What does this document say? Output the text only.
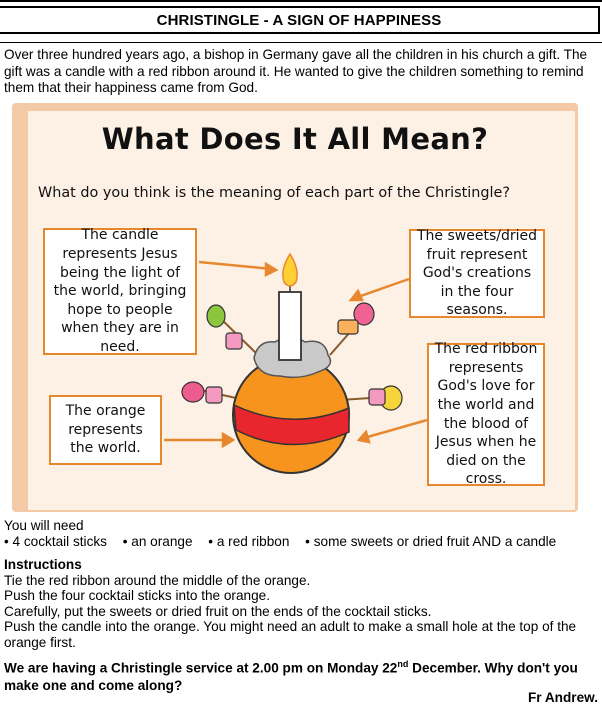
CHRISTINGLE - A SIGN OF HAPPINESS
Over three hundred years ago, a bishop in Germany gave all the children in his church a gift. The gift was a candle with a red ribbon around it. He wanted to give the children something to remind them that their happiness came from God.
What Does It All Mean?
What do you think is the meaning of each part of the Christingle?
The candle represents Jesus being the light of the world, bringing hope to people when they are in need.
The sweets/dried fruit represent God's creations in the four seasons.
The orange represents the world.
The red ribbon represents God's love for the world and the blood of Jesus when he died on the cross.
You will need
• 4 cocktail sticks • an orange • a red ribbon • some sweets or dried fruit AND a candle
Instructions
Tie the red ribbon around the middle of the orange.
Push the four cocktail sticks into the orange.
Carefully, put the sweets or dried fruit on the ends of the cocktail sticks.
Push the candle into the orange. You might need an adult to make a small hole at the top of the orange first.
We are having a Christingle service at 2.00 pm on Monday 22nd December. Why don't you make one and come along?
Fr Andrew.
